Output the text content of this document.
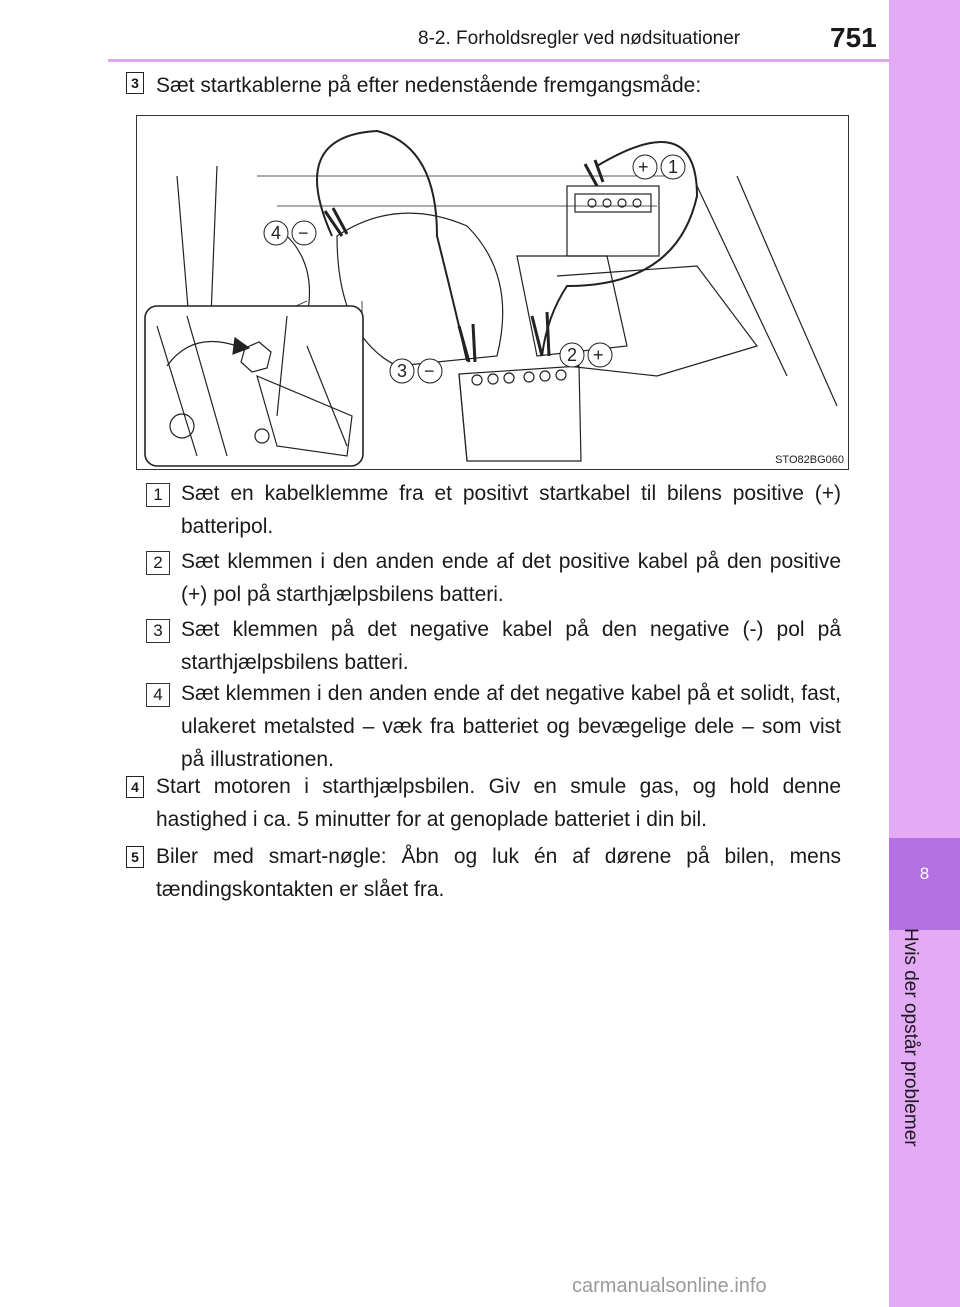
8-2. Forholdsregler ved nødsituationer	751
8
Hvis der opstår problemer
3 Sæt startkablerne på efter nedenstående fremgangsmåde:
+ 1
2 +
3 −
4 −
STO82BG060
1 Sæt en kabelklemme fra et positivt startkabel til bilens positive (+) batteripol.
2 Sæt klemmen i den anden ende af det positive kabel på den positive (+) pol på starthjælpsbilens batteri.
3 Sæt klemmen på det negative kabel på den negative (-) pol på starthjælpsbilens batteri.
4 Sæt klemmen i den anden ende af det negative kabel på et solidt, fast, ulakeret metalsted – væk fra batteriet og bevægelige dele – som vist på illustrationen.
4 Start motoren i starthjælpsbilen. Giv en smule gas, og hold denne hastighed i ca. 5 minutter for at genoplade batteriet i din bil.
5 Biler med smart-nøgle: Åbn og luk én af dørene på bilen, mens tændingskontakten er slået fra.
carmanualsonline.info
